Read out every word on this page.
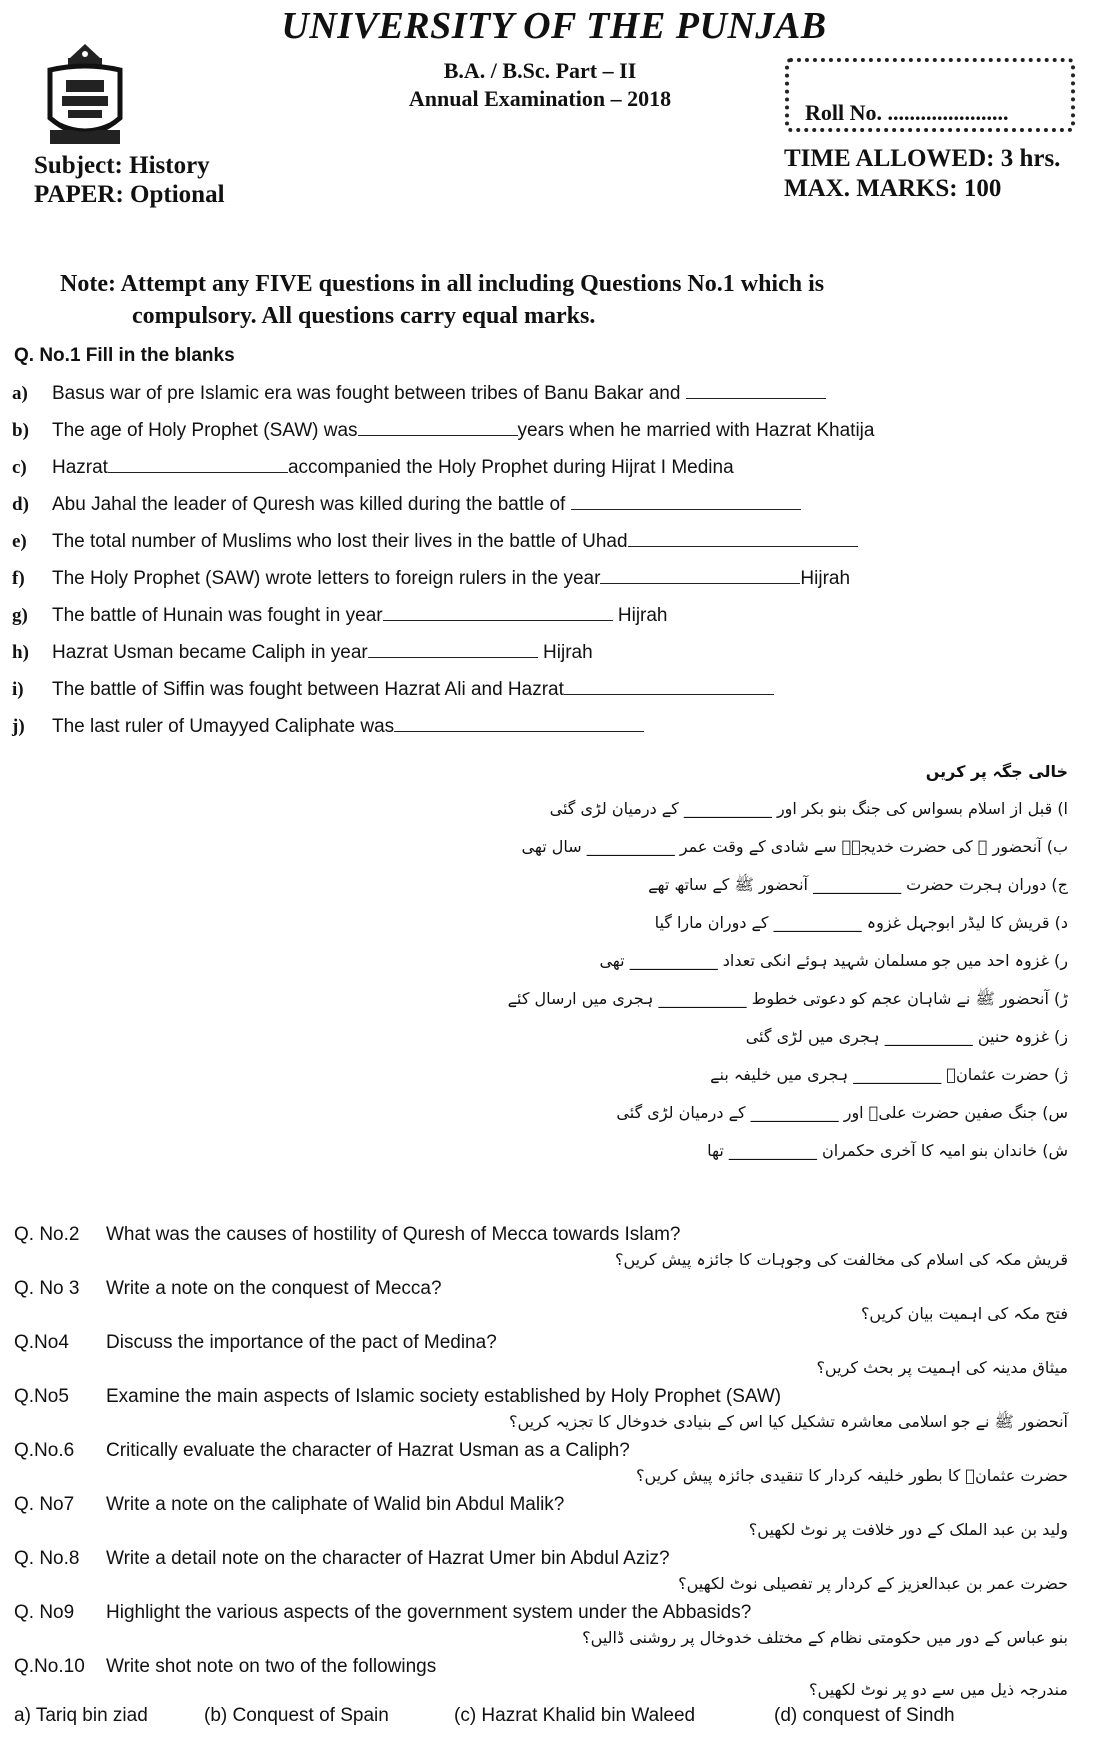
UNIVERSITY OF THE PUNJAB
B.A. / B.Sc. Part – II
Annual Examination – 2018
Roll No. ......................
Subject: History
PAPER: Optional
TIME ALLOWED: 3 hrs.
MAX. MARKS: 100
Note: Attempt any FIVE questions in all including Questions No.1 which is
compulsory. All questions carry equal marks.
Q. No.1 Fill in the blanks
a) Basus war of pre Islamic era was fought between tribes of Banu Bakar and
b) The age of Holy Prophet (SAW) was	years when he married with Hazrat Khatija
c) Hazrat	accompanied the Holy Prophet during Hijrat I Medina
d) Abu Jahal the leader of Quresh was killed during the battle of
e) The total number of Muslims who lost their lives in the battle of Uhad
f) The Holy Prophet (SAW) wrote letters to foreign rulers in the year	Hijrah
g) The battle of Hunain was fought in year	Hijrah
h) Hazrat Usman became Caliph in year	Hijrah
i) The battle of Siffin was fought between Hazrat Ali and Hazrat
j) The last ruler of Umayyed Caliphate was
خالی جگہ پر کریں
ا) قبل از اسلام بسواس کی جنگ بنو بکر اور ___________ کے درمیان لڑی گئی
ب) آنحضور ﷺ کی حضرت خدیجہؓ سے شادی کے وقت عمر ___________ سال تھی
ج) دوران ہجرت حضرت ___________ آنحضور ﷺ کے ساتھ تھے
د) قریش کا لیڈر ابوجہل غزوہ ___________ کے دوران مارا گیا
ر) غزوہ احد میں جو مسلمان شہید ہوئے انکی تعداد ___________ تھی
ڑ) آنحضور ﷺ نے شاہان عجم کو دعوتی خطوط ___________ ہجری میں ارسال کئے
ز) غزوہ حنین ___________ ہجری میں لڑی گئی
ژ) حضرت عثمانؓ ___________ ہجری میں خلیفہ بنے
س) جنگ صفین حضرت علیؓ اور ___________ کے درمیان لڑی گئی
ش) خاندان بنو امیہ کا آخری حکمران ___________ تھا
Q. No.2 What was the causes of hostility of Quresh of Mecca towards Islam?
قریش مکہ کی اسلام کی مخالفت کی وجوہات کا جائزہ پیش کریں؟
Q. No 3 Write a note on the conquest of Mecca?
فتح مکہ کی اہمیت بیان کریں؟
Q.No4 Discuss the importance of the pact of Medina?
میثاق مدینہ کی اہمیت پر بحث کریں؟
Q.No5 Examine the main aspects of Islamic society established by Holy Prophet (SAW)
آنحضور ﷺ نے جو اسلامی معاشرہ تشکیل کیا اس کے بنیادی خدوخال کا تجزیہ کریں؟
Q.No.6 Critically evaluate the character of Hazrat Usman as a Caliph?
حضرت عثمانؓ کا بطور خلیفہ کردار کا تنقیدی جائزہ پیش کریں؟
Q. No7 Write a note on the caliphate of Walid bin Abdul Malik?
ولید بن عبد الملک کے دور خلافت پر نوٹ لکھیں؟
Q. No.8 Write a detail note on the character of Hazrat Umer bin Abdul Aziz?
حضرت عمر بن عبدالعزیز کے کردار پر تفصیلی نوٹ لکھیں؟
Q. No9 Highlight the various aspects of the government system under the Abbasids?
بنو عباس کے دور میں حکومتی نظام کے مختلف خدوخال پر روشنی ڈالیں؟
Q.No.10 Write shot note on two of the followings
مندرجہ ذیل میں سے دو پر نوٹ لکھیں؟
a) Tariq bin ziad	(b) Conquest of Spain	(c) Hazrat Khalid bin Waleed	(d) conquest of Sindh
